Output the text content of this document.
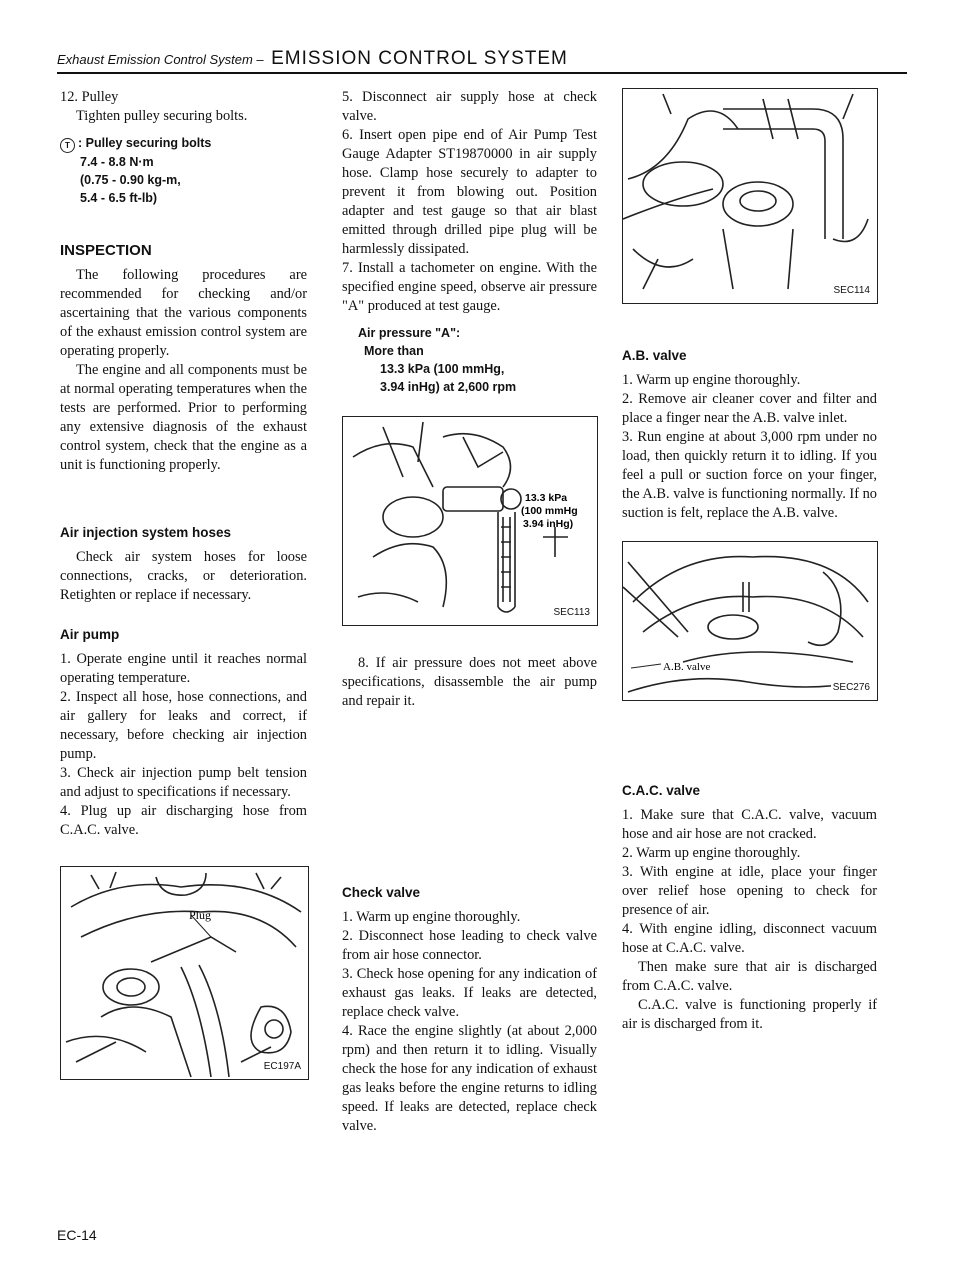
Exhaust Emission Control System – EMISSION CONTROL SYSTEM

12. Pulley

Tighten pulley securing bolts.

T : Pulley securing bolts
7.4 - 8.8 N·m
(0.75 - 0.90 kg-m,
5.4 - 6.5 ft-lb)

INSPECTION

The following procedures are recommended for checking and/or ascertaining that the various components of the exhaust emission control system are operating properly.

The engine and all components must be at normal operating temperatures when the tests are performed. Prior to performing any extensive diagnosis of the exhaust control system, check that the engine as a unit is functioning properly.

Air injection system hoses

Check air system hoses for loose connections, cracks, or deterioration. Retighten or replace if necessary.

Air pump

1. Operate engine until it reaches normal operating temperature.

2. Inspect all hose, hose connections, and air gallery for leaks and correct, if necessary, before checking air injection pump.

3. Check air injection pump belt tension and adjust to specifications if necessary.

4. Plug up air discharging hose from C.A.C. valve.

Plug
EC197A

5. Disconnect air supply hose at check valve.

6. Insert open pipe end of Air Pump Test Gauge Adapter ST19870000 in air supply hose. Clamp hose securely to adapter to prevent it from blowing out. Position adapter and test gauge so that air blast emitted through drilled pipe plug will be harmlessly dissipated.

7. Install a tachometer on engine. With the specified engine speed, observe air pressure "A" produced at test gauge.

Air pressure "A":
More than
13.3 kPa (100 mmHg,
3.94 inHg) at 2,600 rpm
13.3 kPa
(100 mmHg
3.94 inHg)
SEC113

8. If air pressure does not meet above specifications, disassemble the air pump and repair it.

Check valve

1. Warm up engine thoroughly.

2. Disconnect hose leading to check valve from air hose connector.

3. Check hose opening for any indication of exhaust gas leaks. If leaks are detected, replace check valve.

4. Race the engine slightly (at about 2,000 rpm) and then return it to idling. Visually check the hose for any indication of exhaust gas leaks before the engine returns to idling speed. If leaks are detected, replace check valve.

SEC114

A.B. valve

1. Warm up engine thoroughly.

2. Remove air cleaner cover and filter and place a finger near the A.B. valve inlet.

3. Run engine at about 3,000 rpm under no load, then quickly return it to idling. If you feel a pull or suction force on your finger, the A.B. valve is functioning normally. If no suction is felt, replace the A.B. valve.

A.B. valve
SEC276

C.A.C. valve

1. Make sure that C.A.C. valve, vacuum hose and air hose are not cracked.

2. Warm up engine thoroughly.

3. With engine at idle, place your finger over relief hose opening to check for presence of air.

4. With engine idling, disconnect vacuum hose at C.A.C. valve.

Then make sure that air is discharged from C.A.C. valve.

C.A.C. valve is functioning properly if air is discharged from it.

EC-14
